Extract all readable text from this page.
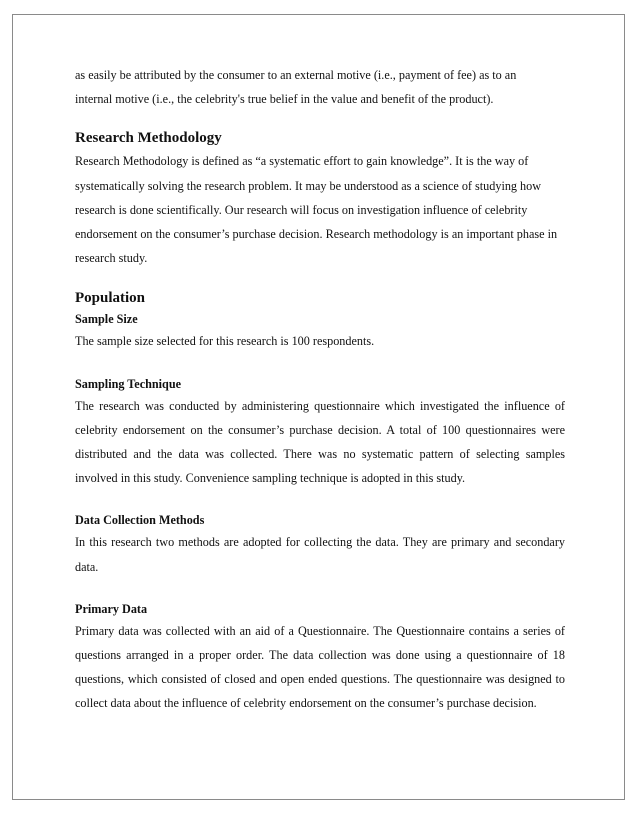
as easily be attributed by the consumer to an external motive (i.e., payment of fee) as to an

internal motive (i.e., the celebrity's true belief in the value and benefit of the product).

Research Methodology

Research Methodology is defined as “a systematic effort to gain knowledge”. It is the way of systematically solving the research problem. It may be understood as a science of studying how research is done scientifically. Our research will focus on investigation influence of celebrity endorsement on the consumer’s purchase decision. Research methodology is an important phase in research study.

Population
Sample Size

The sample size selected for this research is 100 respondents.

Sampling Technique

The research was conducted by administering questionnaire which investigated the influence of celebrity endorsement on the consumer’s purchase decision. A total of 100 questionnaires were distributed and the data was collected. There was no systematic pattern of selecting samples involved in this study. Convenience sampling technique is adopted in this study.

Data Collection Methods

In this research two methods are adopted for collecting the data. They are primary and secondary data.

Primary Data

Primary data was collected with an aid of a Questionnaire. The Questionnaire contains a series of questions arranged in a proper order. The data collection was done using a questionnaire of 18 questions, which consisted of closed and open ended questions. The questionnaire was designed to collect data about the influence of celebrity endorsement on the consumer’s purchase decision.
